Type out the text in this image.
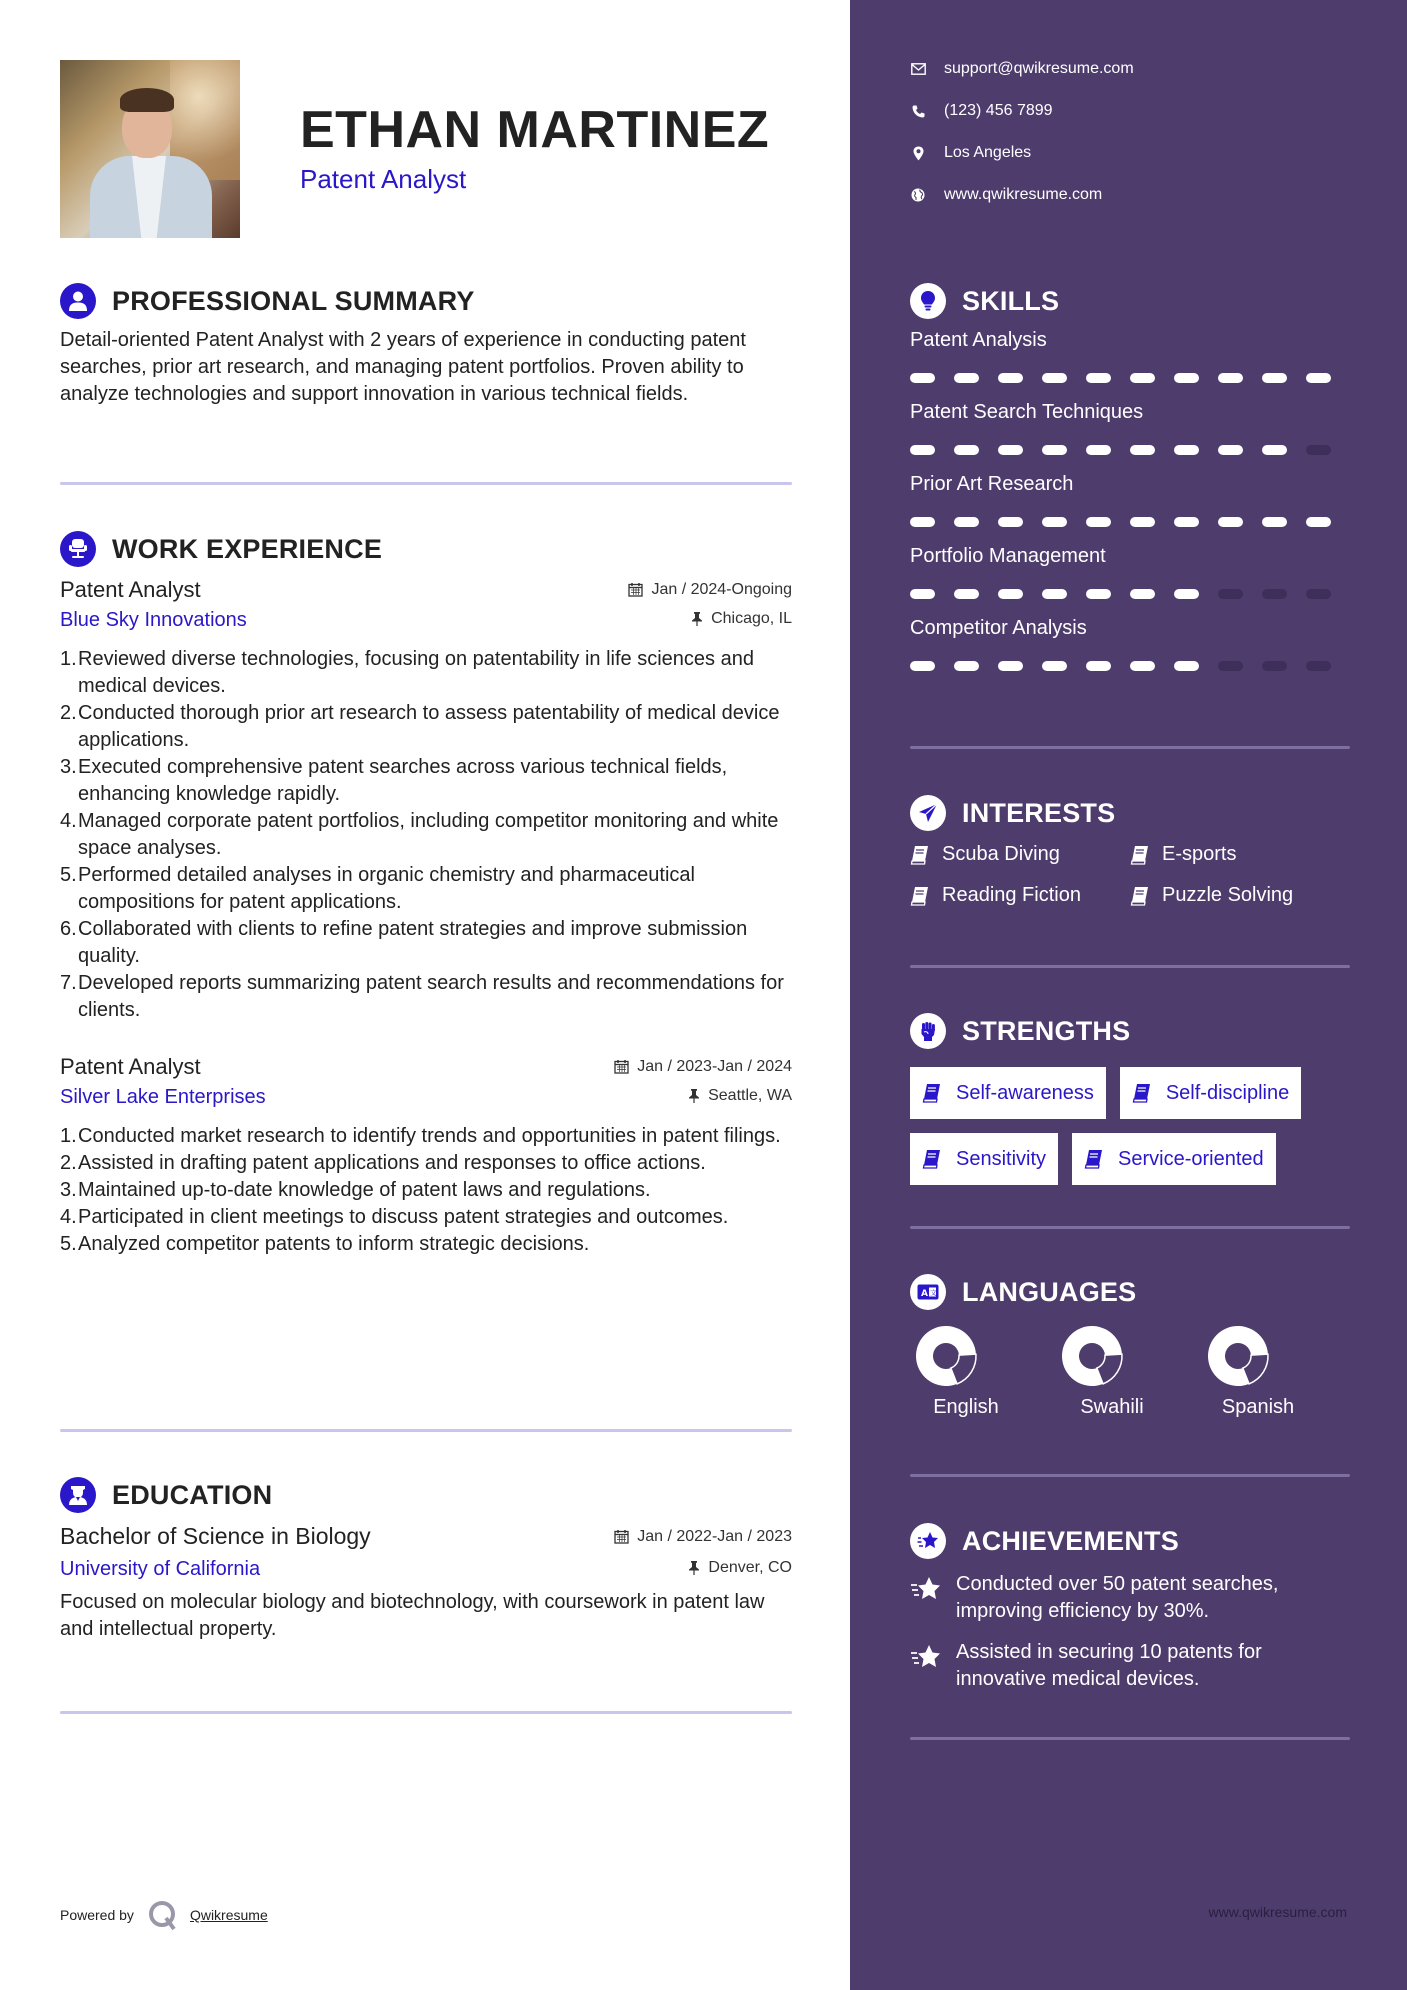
ETHAN MARTINEZ
Patent Analyst
PROFESSIONAL SUMMARY

Detail-oriented Patent Analyst with 2 years of experience in conducting patent searches, prior art research, and managing patent portfolios. Proven ability to analyze technologies and support innovation in various technical fields.

WORK EXPERIENCE
Patent Analyst	Jan / 2024-Ongoing
Blue Sky Innovations	Chicago, IL
Reviewed diverse technologies, focusing on patentability in life sciences and medical devices.
Conducted thorough prior art research to assess patentability of medical device applications.
Executed comprehensive patent searches across various technical fields, enhancing knowledge rapidly.
Managed corporate patent portfolios, including competitor monitoring and white space analyses.
Performed detailed analyses in organic chemistry and pharmaceutical compositions for patent applications.
Collaborated with clients to refine patent strategies and improve submission quality.
Developed reports summarizing patent search results and recommendations for clients.
Patent Analyst	Jan / 2023-Jan / 2024
Silver Lake Enterprises	Seattle, WA
Conducted market research to identify trends and opportunities in patent filings.
Assisted in drafting patent applications and responses to office actions.
Maintained up-to-date knowledge of patent laws and regulations.
Participated in client meetings to discuss patent strategies and outcomes.
Analyzed competitor patents to inform strategic decisions.
EDUCATION
Bachelor of Science in Biology	Jan / 2022-Jan / 2023
University of California	Denver, CO

Focused on molecular biology and biotechnology, with coursework in patent law and intellectual property.

Powered by	Qwikresume
support@qwikresume.com
(123) 456 7899
Los Angeles
www.qwikresume.com
SKILLS
Patent Analysis
Patent Search Techniques
Prior Art Research
Portfolio Management
Competitor Analysis
INTERESTS
Scuba Diving	E-sports
Reading Fiction	Puzzle Solving
STRENGTHS
Self-awareness	Self-discipline
Sensitivity	Service-oriented
A 文 LANGUAGES
English	Swahili	Spanish
ACHIEVEMENTS
Conducted over 50 patent searches, improving efficiency by 30%.
Assisted in securing 10 patents for innovative medical devices.
www.qwikresume.com
